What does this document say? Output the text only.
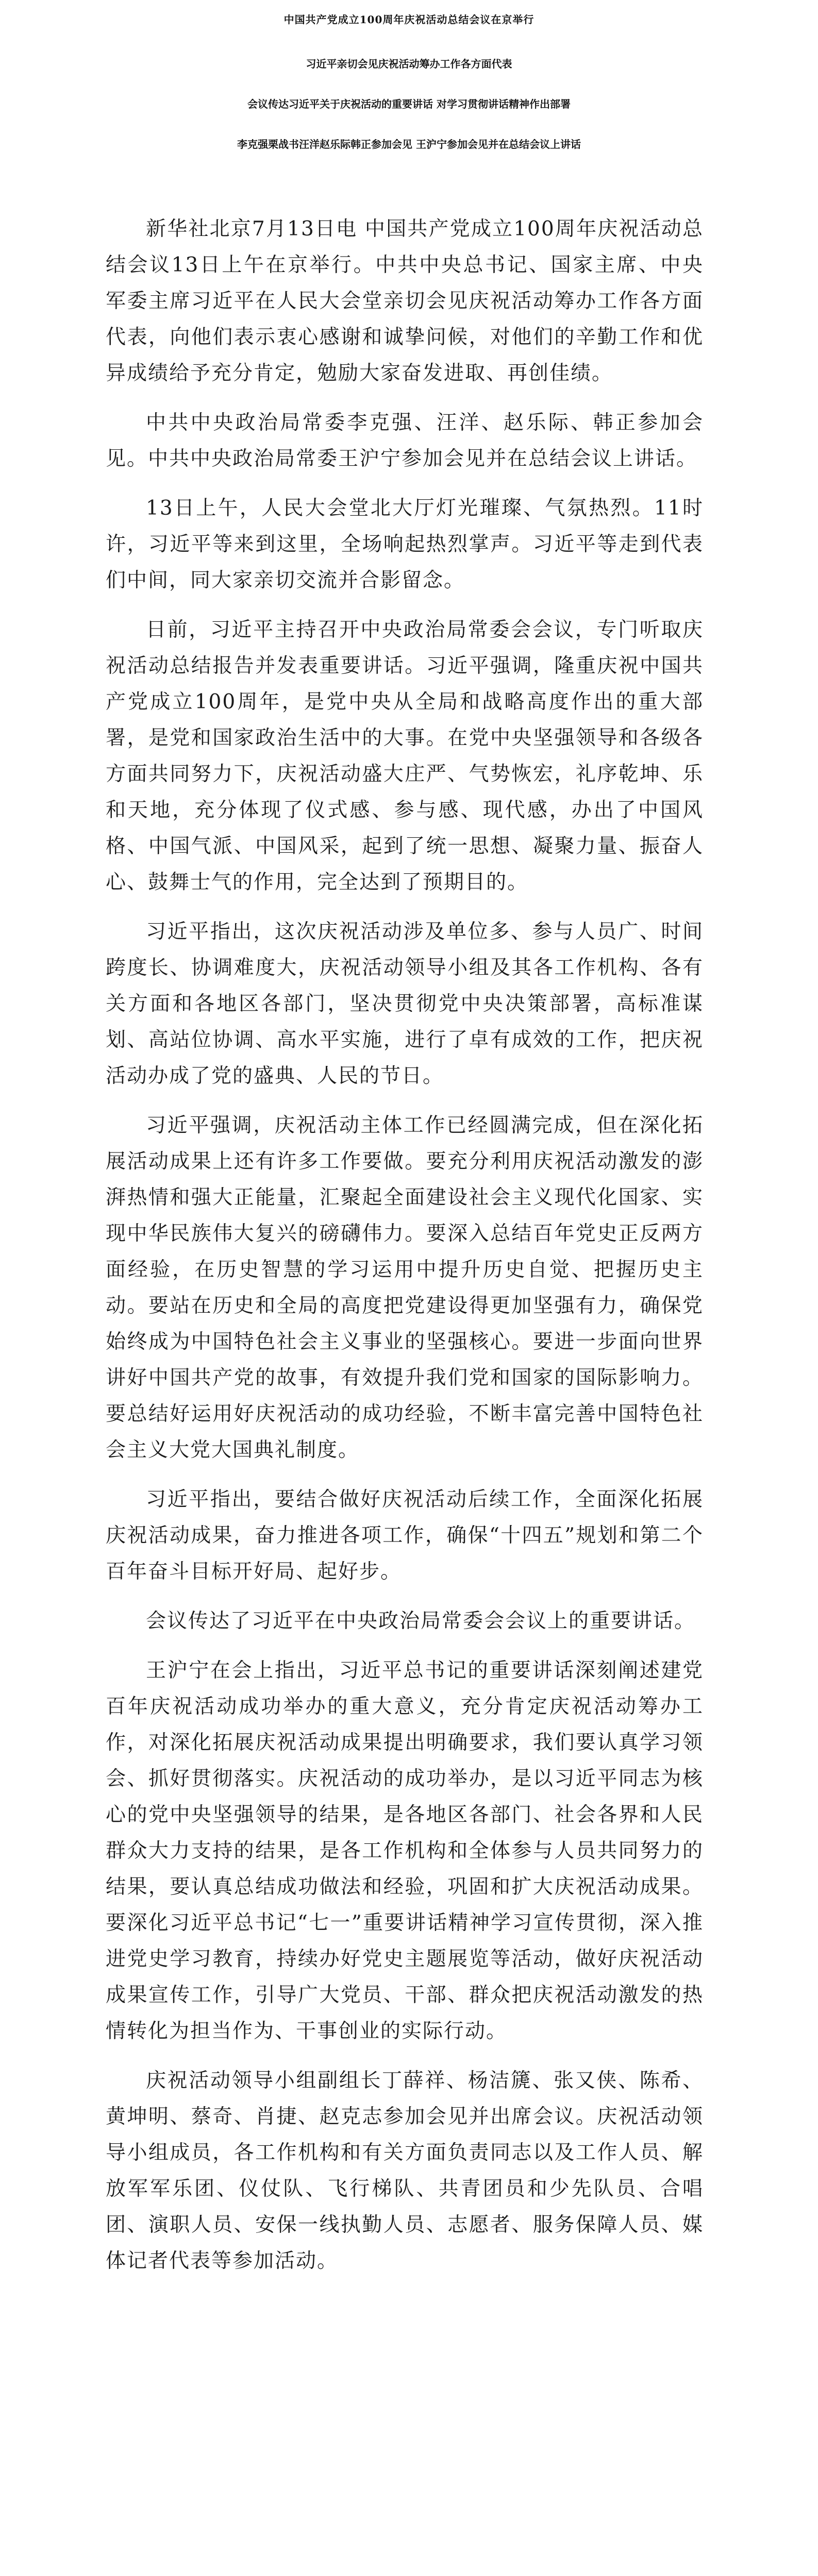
中国共产党成立100周年庆祝活动总结会议在京举行
习近平亲切会见庆祝活动筹办工作各方面代表
会议传达习近平关于庆祝活动的重要讲话 对学习贯彻讲话精神作出部署
李克强栗战书汪洋赵乐际韩正参加会见 王沪宁参加会见并在总结会议上讲话

新华社北京7月13日电 中国共产党成立100周年庆祝活动总结会议13日上午在京举行。中共中央总书记、国家主席、中央军委主席习近平在人民大会堂亲切会见庆祝活动筹办工作各方面代表，向他们表示衷心感谢和诚挚问候，对他们的辛勤工作和优异成绩给予充分肯定，勉励大家奋发进取、再创佳绩。

中共中央政治局常委李克强、汪洋、赵乐际、韩正参加会见。中共中央政治局常委王沪宁参加会见并在总结会议上讲话。

13日上午，人民大会堂北大厅灯光璀璨、气氛热烈。11时许，习近平等来到这里，全场响起热烈掌声。习近平等走到代表们中间，同大家亲切交流并合影留念。

日前，习近平主持召开中央政治局常委会会议，专门听取庆祝活动总结报告并发表重要讲话。习近平强调，隆重庆祝中国共产党成立100周年，是党中央从全局和战略高度作出的重大部署，是党和国家政治生活中的大事。在党中央坚强领导和各级各方面共同努力下，庆祝活动盛大庄严、气势恢宏，礼序乾坤、乐和天地，充分体现了仪式感、参与感、现代感，办出了中国风格、中国气派、中国风采，起到了统一思想、凝聚力量、振奋人心、鼓舞士气的作用，完全达到了预期目的。

习近平指出，这次庆祝活动涉及单位多、参与人员广、时间跨度长、协调难度大，庆祝活动领导小组及其各工作机构、各有关方面和各地区各部门，坚决贯彻党中央决策部署，高标准谋划、高站位协调、高水平实施，进行了卓有成效的工作，把庆祝活动办成了党的盛典、人民的节日。

习近平强调，庆祝活动主体工作已经圆满完成，但在深化拓展活动成果上还有许多工作要做。要充分利用庆祝活动激发的澎湃热情和强大正能量，汇聚起全面建设社会主义现代化国家、实现中华民族伟大复兴的磅礴伟力。要深入总结百年党史正反两方面经验，在历史智慧的学习运用中提升历史自觉、把握历史主动。要站在历史和全局的高度把党建设得更加坚强有力，确保党始终成为中国特色社会主义事业的坚强核心。要进一步面向世界讲好中国共产党的故事，有效提升我们党和国家的国际影响力。要总结好运用好庆祝活动的成功经验，不断丰富完善中国特色社会主义大党大国典礼制度。

习近平指出，要结合做好庆祝活动后续工作，全面深化拓展庆祝活动成果，奋力推进各项工作，确保“十四五”规划和第二个百年奋斗目标开好局、起好步。

会议传达了习近平在中央政治局常委会会议上的重要讲话。

王沪宁在会上指出，习近平总书记的重要讲话深刻阐述建党百年庆祝活动成功举办的重大意义，充分肯定庆祝活动筹办工作，对深化拓展庆祝活动成果提出明确要求，我们要认真学习领会、抓好贯彻落实。庆祝活动的成功举办，是以习近平同志为核心的党中央坚强领导的结果，是各地区各部门、社会各界和人民群众大力支持的结果，是各工作机构和全体参与人员共同努力的结果，要认真总结成功做法和经验，巩固和扩大庆祝活动成果。要深化习近平总书记“七一”重要讲话精神学习宣传贯彻，深入推进党史学习教育，持续办好党史主题展览等活动，做好庆祝活动成果宣传工作，引导广大党员、干部、群众把庆祝活动激发的热情转化为担当作为、干事创业的实际行动。

庆祝活动领导小组副组长丁薛祥、杨洁篪、张又侠、陈希、黄坤明、蔡奇、肖捷、赵克志参加会见并出席会议。庆祝活动领导小组成员，各工作机构和有关方面负责同志以及工作人员、解放军军乐团、仪仗队、飞行梯队、共青团员和少先队员、合唱团、演职人员、安保一线执勤人员、志愿者、服务保障人员、媒体记者代表等参加活动。
